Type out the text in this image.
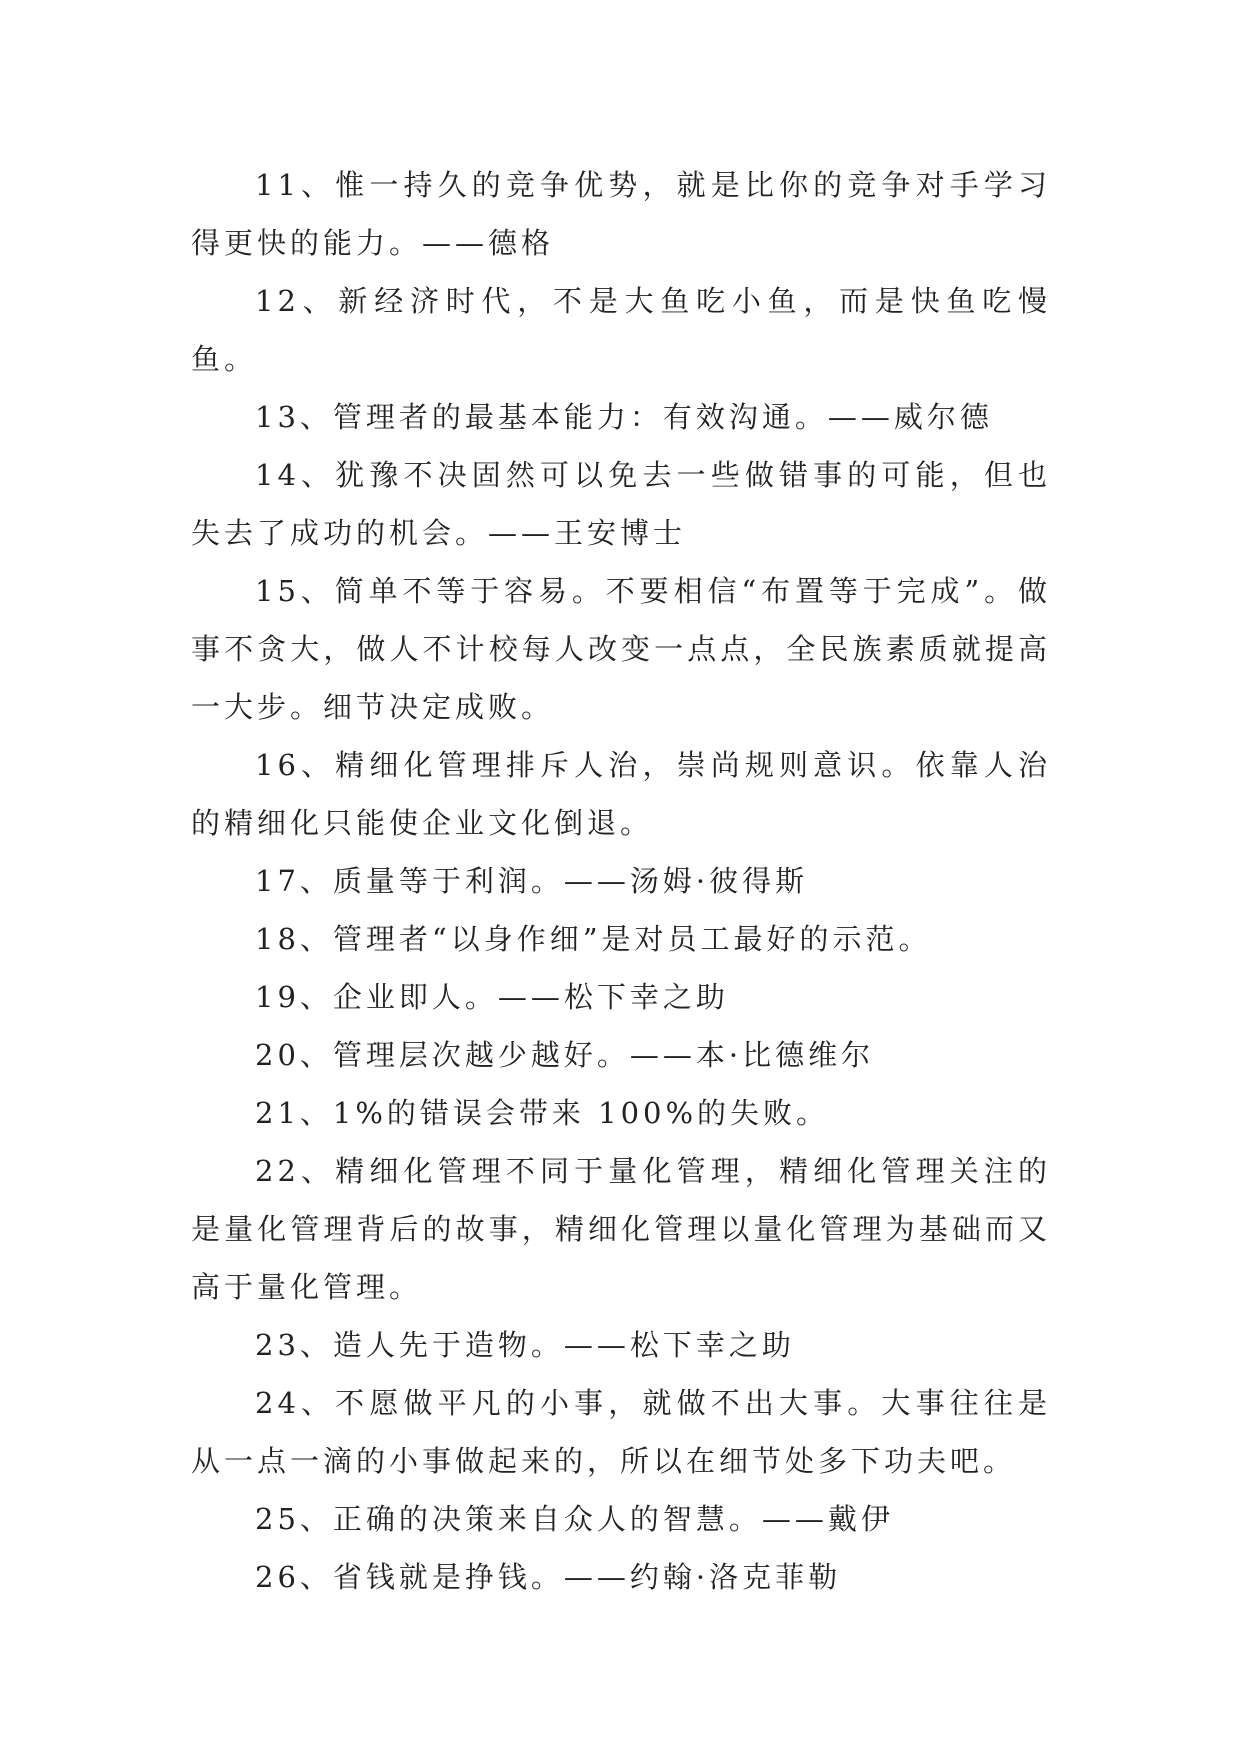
11、惟一持久的竞争优势，就是比你的竞争对手学习得更快的能力。——德格

12、新经济时代，不是大鱼吃小鱼，而是快鱼吃慢鱼。

13、管理者的最基本能力：有效沟通。——威尔德

14、犹豫不决固然可以免去一些做错事的可能，但也失去了成功的机会。——王安博士

15、简单不等于容易。不要相信“布置等于完成”。做事不贪大，做人不计校每人改变一点点，全民族素质就提高一大步。细节决定成败。

16、精细化管理排斥人治，崇尚规则意识。依靠人治的精细化只能使企业文化倒退。

17、质量等于利润。——汤姆·彼得斯

18、管理者“以身作细”是对员工最好的示范。

19、企业即人。——松下幸之助

20、管理层次越少越好。——本·比德维尔

21、1%的错误会带来 100%的失败。

22、精细化管理不同于量化管理，精细化管理关注的是量化管理背后的故事，精细化管理以量化管理为基础而又高于量化管理。

23、造人先于造物。——松下幸之助

24、不愿做平凡的小事，就做不出大事。大事往往是从一点一滴的小事做起来的，所以在细节处多下功夫吧。

25、正确的决策来自众人的智慧。——戴伊

26、省钱就是挣钱。——约翰·洛克菲勒
